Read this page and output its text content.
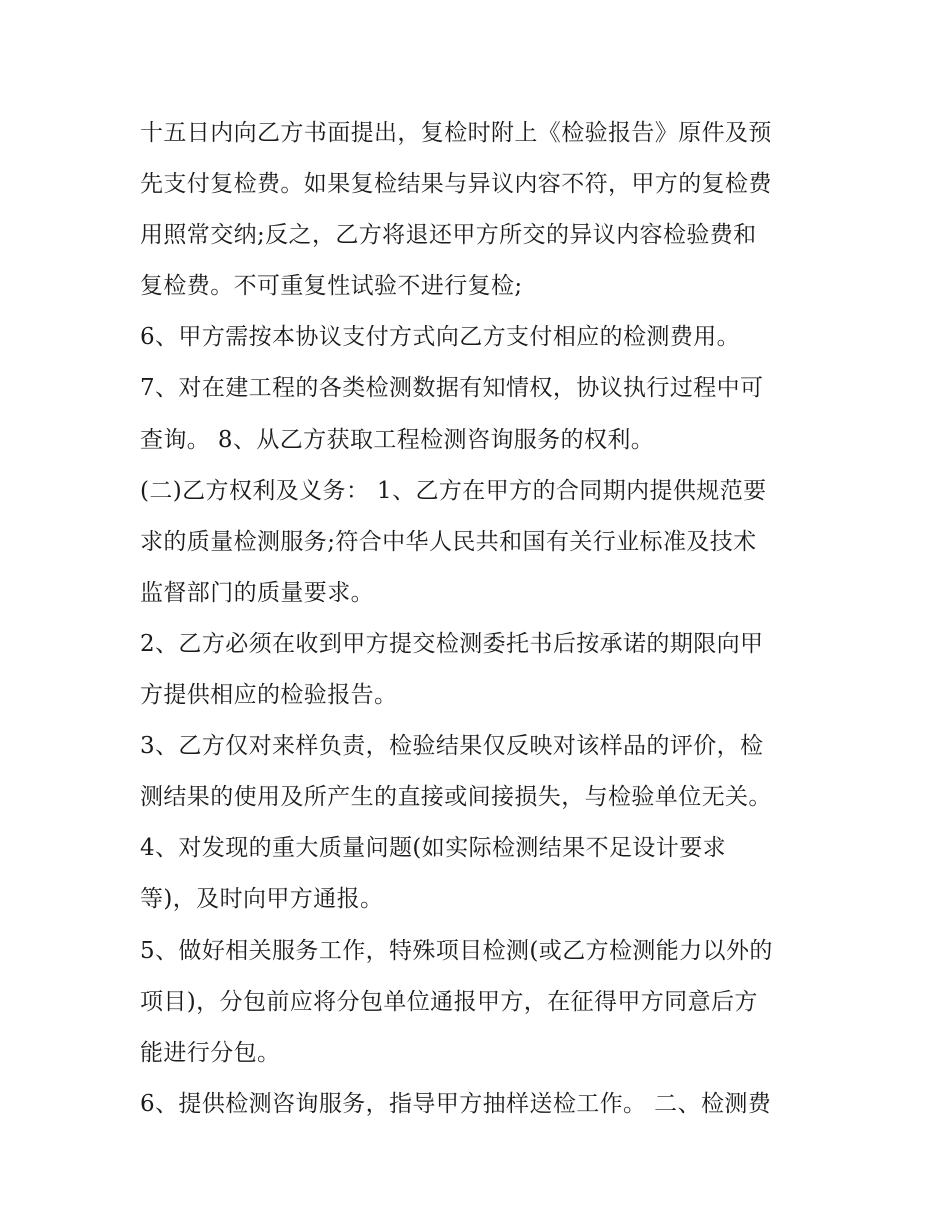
十五日内向乙方书面提出，复检时附上《检验报告》原件及预
先支付复检费。如果复检结果与异议内容不符，甲方的复检费
用照常交纳;反之，乙方将退还甲方所交的异议内容检验费和
复检费。不可重复性试验不进行复检;
6、甲方需按本协议支付方式向乙方支付相应的检测费用。
7、对在建工程的各类检测数据有知情权，协议执行过程中可
查询。 8、从乙方获取工程检测咨询服务的权利。
(二)乙方权利及义务： 1、乙方在甲方的合同期内提供规范要
求的质量检测服务;符合中华人民共和国有关行业标准及技术
监督部门的质量要求。
2、乙方必须在收到甲方提交检测委托书后按承诺的期限向甲
方提供相应的检验报告。
3、乙方仅对来样负责，检验结果仅反映对该样品的评价，检
测结果的使用及所产生的直接或间接损失，与检验单位无关。
4、对发现的重大质量问题(如实际检测结果不足设计要求
等)，及时向甲方通报。
5、做好相关服务工作，特殊项目检测(或乙方检测能力以外的
项目)，分包前应将分包单位通报甲方，在征得甲方同意后方
能进行分包。
6、提供检测咨询服务，指导甲方抽样送检工作。 二、检测费
